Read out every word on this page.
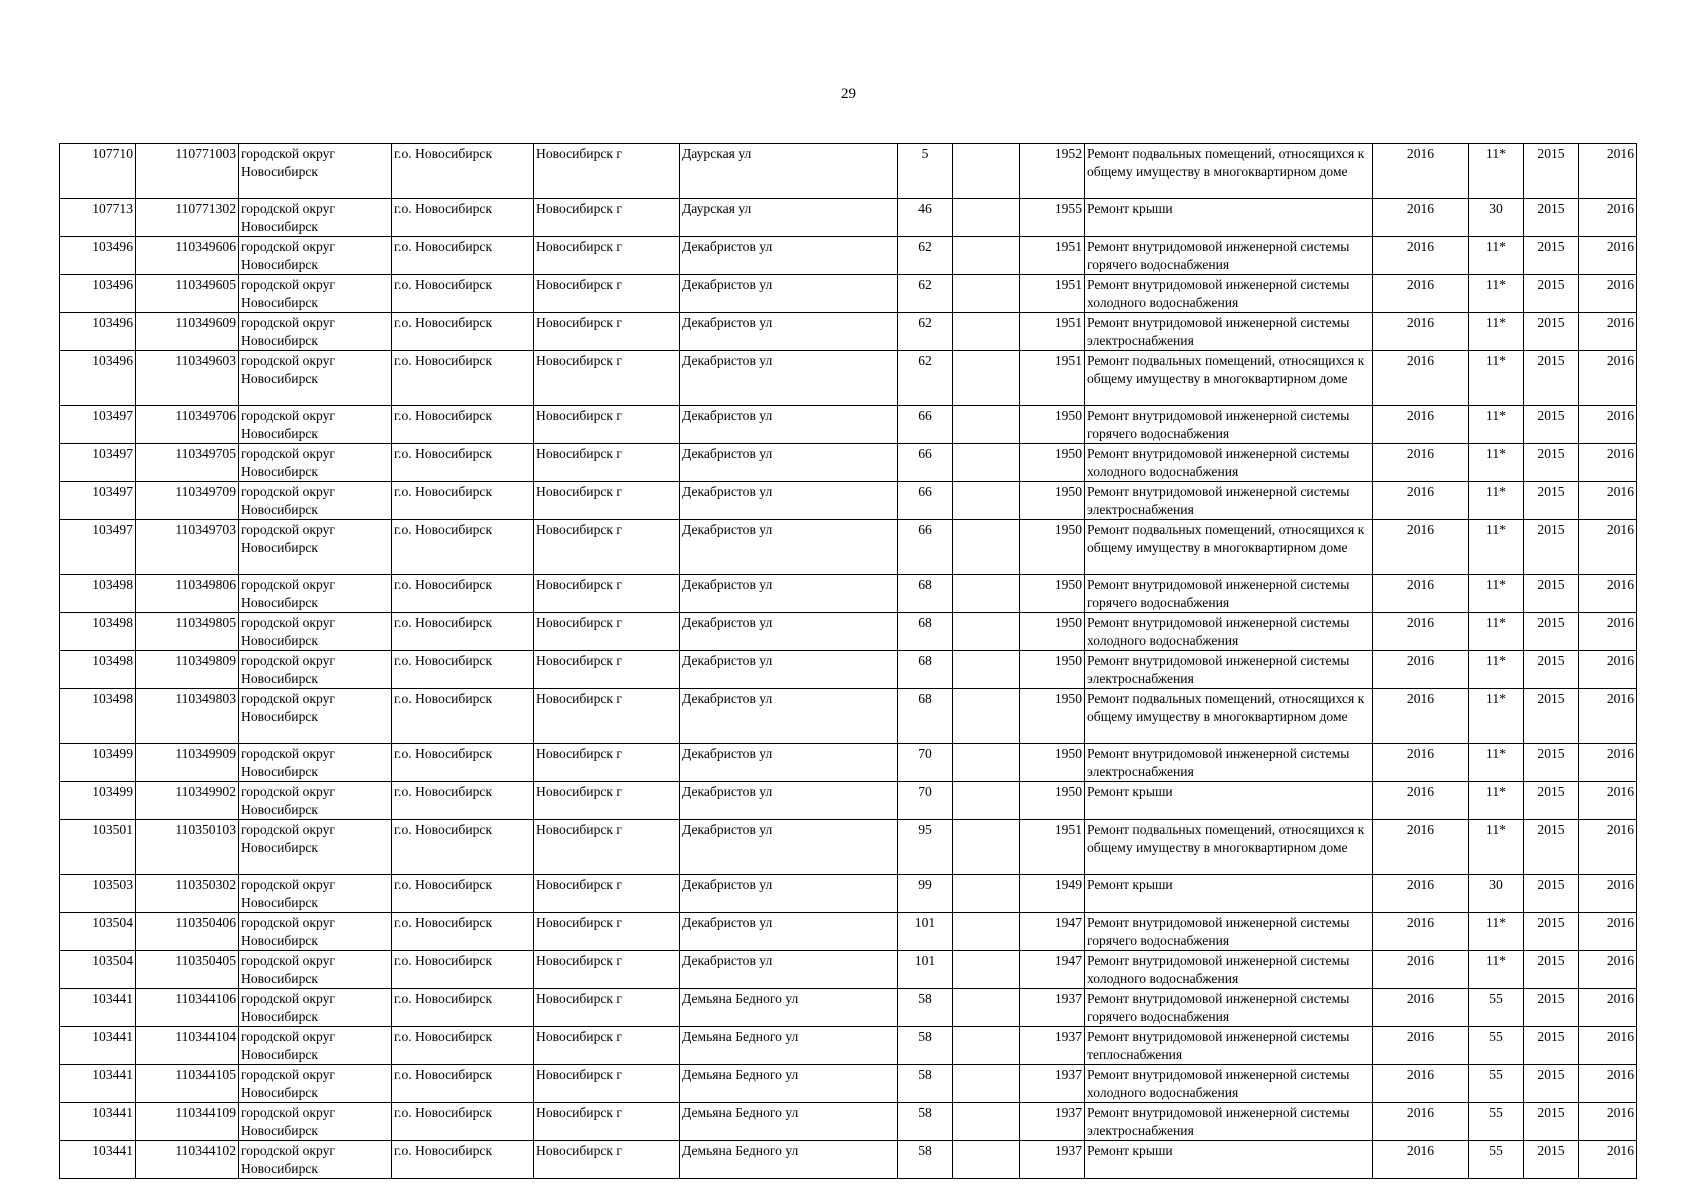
29
107710	110771003	городской округ Новосибирск	г.о. Новосибирск	Новосибирск г	Даурская ул	5		1952	Ремонт подвальных помещений, относящихся к общему имуществу в многоквартирном доме	2016	11*	2015	2016
107713	110771302	городской округ Новосибирск	г.о. Новосибирск	Новосибирск г	Даурская ул	46		1955	Ремонт крыши	2016	30	2015	2016
103496	110349606	городской округ Новосибирск	г.о. Новосибирск	Новосибирск г	Декабристов ул	62		1951	Ремонт внутридомовой инженерной системы горячего водоснабжения	2016	11*	2015	2016
103496	110349605	городской округ Новосибирск	г.о. Новосибирск	Новосибирск г	Декабристов ул	62		1951	Ремонт внутридомовой инженерной системы холодного водоснабжения	2016	11*	2015	2016
103496	110349609	городской округ Новосибирск	г.о. Новосибирск	Новосибирск г	Декабристов ул	62		1951	Ремонт внутридомовой инженерной системы электроснабжения	2016	11*	2015	2016
103496	110349603	городской округ Новосибирск	г.о. Новосибирск	Новосибирск г	Декабристов ул	62		1951	Ремонт подвальных помещений, относящихся к общему имуществу в многоквартирном доме	2016	11*	2015	2016
103497	110349706	городской округ Новосибирск	г.о. Новосибирск	Новосибирск г	Декабристов ул	66		1950	Ремонт внутридомовой инженерной системы горячего водоснабжения	2016	11*	2015	2016
103497	110349705	городской округ Новосибирск	г.о. Новосибирск	Новосибирск г	Декабристов ул	66		1950	Ремонт внутридомовой инженерной системы холодного водоснабжения	2016	11*	2015	2016
103497	110349709	городской округ Новосибирск	г.о. Новосибирск	Новосибирск г	Декабристов ул	66		1950	Ремонт внутридомовой инженерной системы электроснабжения	2016	11*	2015	2016
103497	110349703	городской округ Новосибирск	г.о. Новосибирск	Новосибирск г	Декабристов ул	66		1950	Ремонт подвальных помещений, относящихся к общему имуществу в многоквартирном доме	2016	11*	2015	2016
103498	110349806	городской округ Новосибирск	г.о. Новосибирск	Новосибирск г	Декабристов ул	68		1950	Ремонт внутридомовой инженерной системы горячего водоснабжения	2016	11*	2015	2016
103498	110349805	городской округ Новосибирск	г.о. Новосибирск	Новосибирск г	Декабристов ул	68		1950	Ремонт внутридомовой инженерной системы холодного водоснабжения	2016	11*	2015	2016
103498	110349809	городской округ Новосибирск	г.о. Новосибирск	Новосибирск г	Декабристов ул	68		1950	Ремонт внутридомовой инженерной системы электроснабжения	2016	11*	2015	2016
103498	110349803	городской округ Новосибирск	г.о. Новосибирск	Новосибирск г	Декабристов ул	68		1950	Ремонт подвальных помещений, относящихся к общему имуществу в многоквартирном доме	2016	11*	2015	2016
103499	110349909	городской округ Новосибирск	г.о. Новосибирск	Новосибирск г	Декабристов ул	70		1950	Ремонт внутридомовой инженерной системы электроснабжения	2016	11*	2015	2016
103499	110349902	городской округ Новосибирск	г.о. Новосибирск	Новосибирск г	Декабристов ул	70		1950	Ремонт крыши	2016	11*	2015	2016
103501	110350103	городской округ Новосибирск	г.о. Новосибирск	Новосибирск г	Декабристов ул	95		1951	Ремонт подвальных помещений, относящихся к общему имуществу в многоквартирном доме	2016	11*	2015	2016
103503	110350302	городской округ Новосибирск	г.о. Новосибирск	Новосибирск г	Декабристов ул	99		1949	Ремонт крыши	2016	30	2015	2016
103504	110350406	городской округ Новосибирск	г.о. Новосибирск	Новосибирск г	Декабристов ул	101		1947	Ремонт внутридомовой инженерной системы горячего водоснабжения	2016	11*	2015	2016
103504	110350405	городской округ Новосибирск	г.о. Новосибирск	Новосибирск г	Декабристов ул	101		1947	Ремонт внутридомовой инженерной системы холодного водоснабжения	2016	11*	2015	2016
103441	110344106	городской округ Новосибирск	г.о. Новосибирск	Новосибирск г	Демьяна Бедного ул	58		1937	Ремонт внутридомовой инженерной системы горячего водоснабжения	2016	55	2015	2016
103441	110344104	городской округ Новосибирск	г.о. Новосибирск	Новосибирск г	Демьяна Бедного ул	58		1937	Ремонт внутридомовой инженерной системы теплоснабжения	2016	55	2015	2016
103441	110344105	городской округ Новосибирск	г.о. Новосибирск	Новосибирск г	Демьяна Бедного ул	58		1937	Ремонт внутридомовой инженерной системы холодного водоснабжения	2016	55	2015	2016
103441	110344109	городской округ Новосибирск	г.о. Новосибирск	Новосибирск г	Демьяна Бедного ул	58		1937	Ремонт внутридомовой инженерной системы электроснабжения	2016	55	2015	2016
103441	110344102	городской округ Новосибирск	г.о. Новосибирск	Новосибирск г	Демьяна Бедного ул	58		1937	Ремонт крыши	2016	55	2015	2016
